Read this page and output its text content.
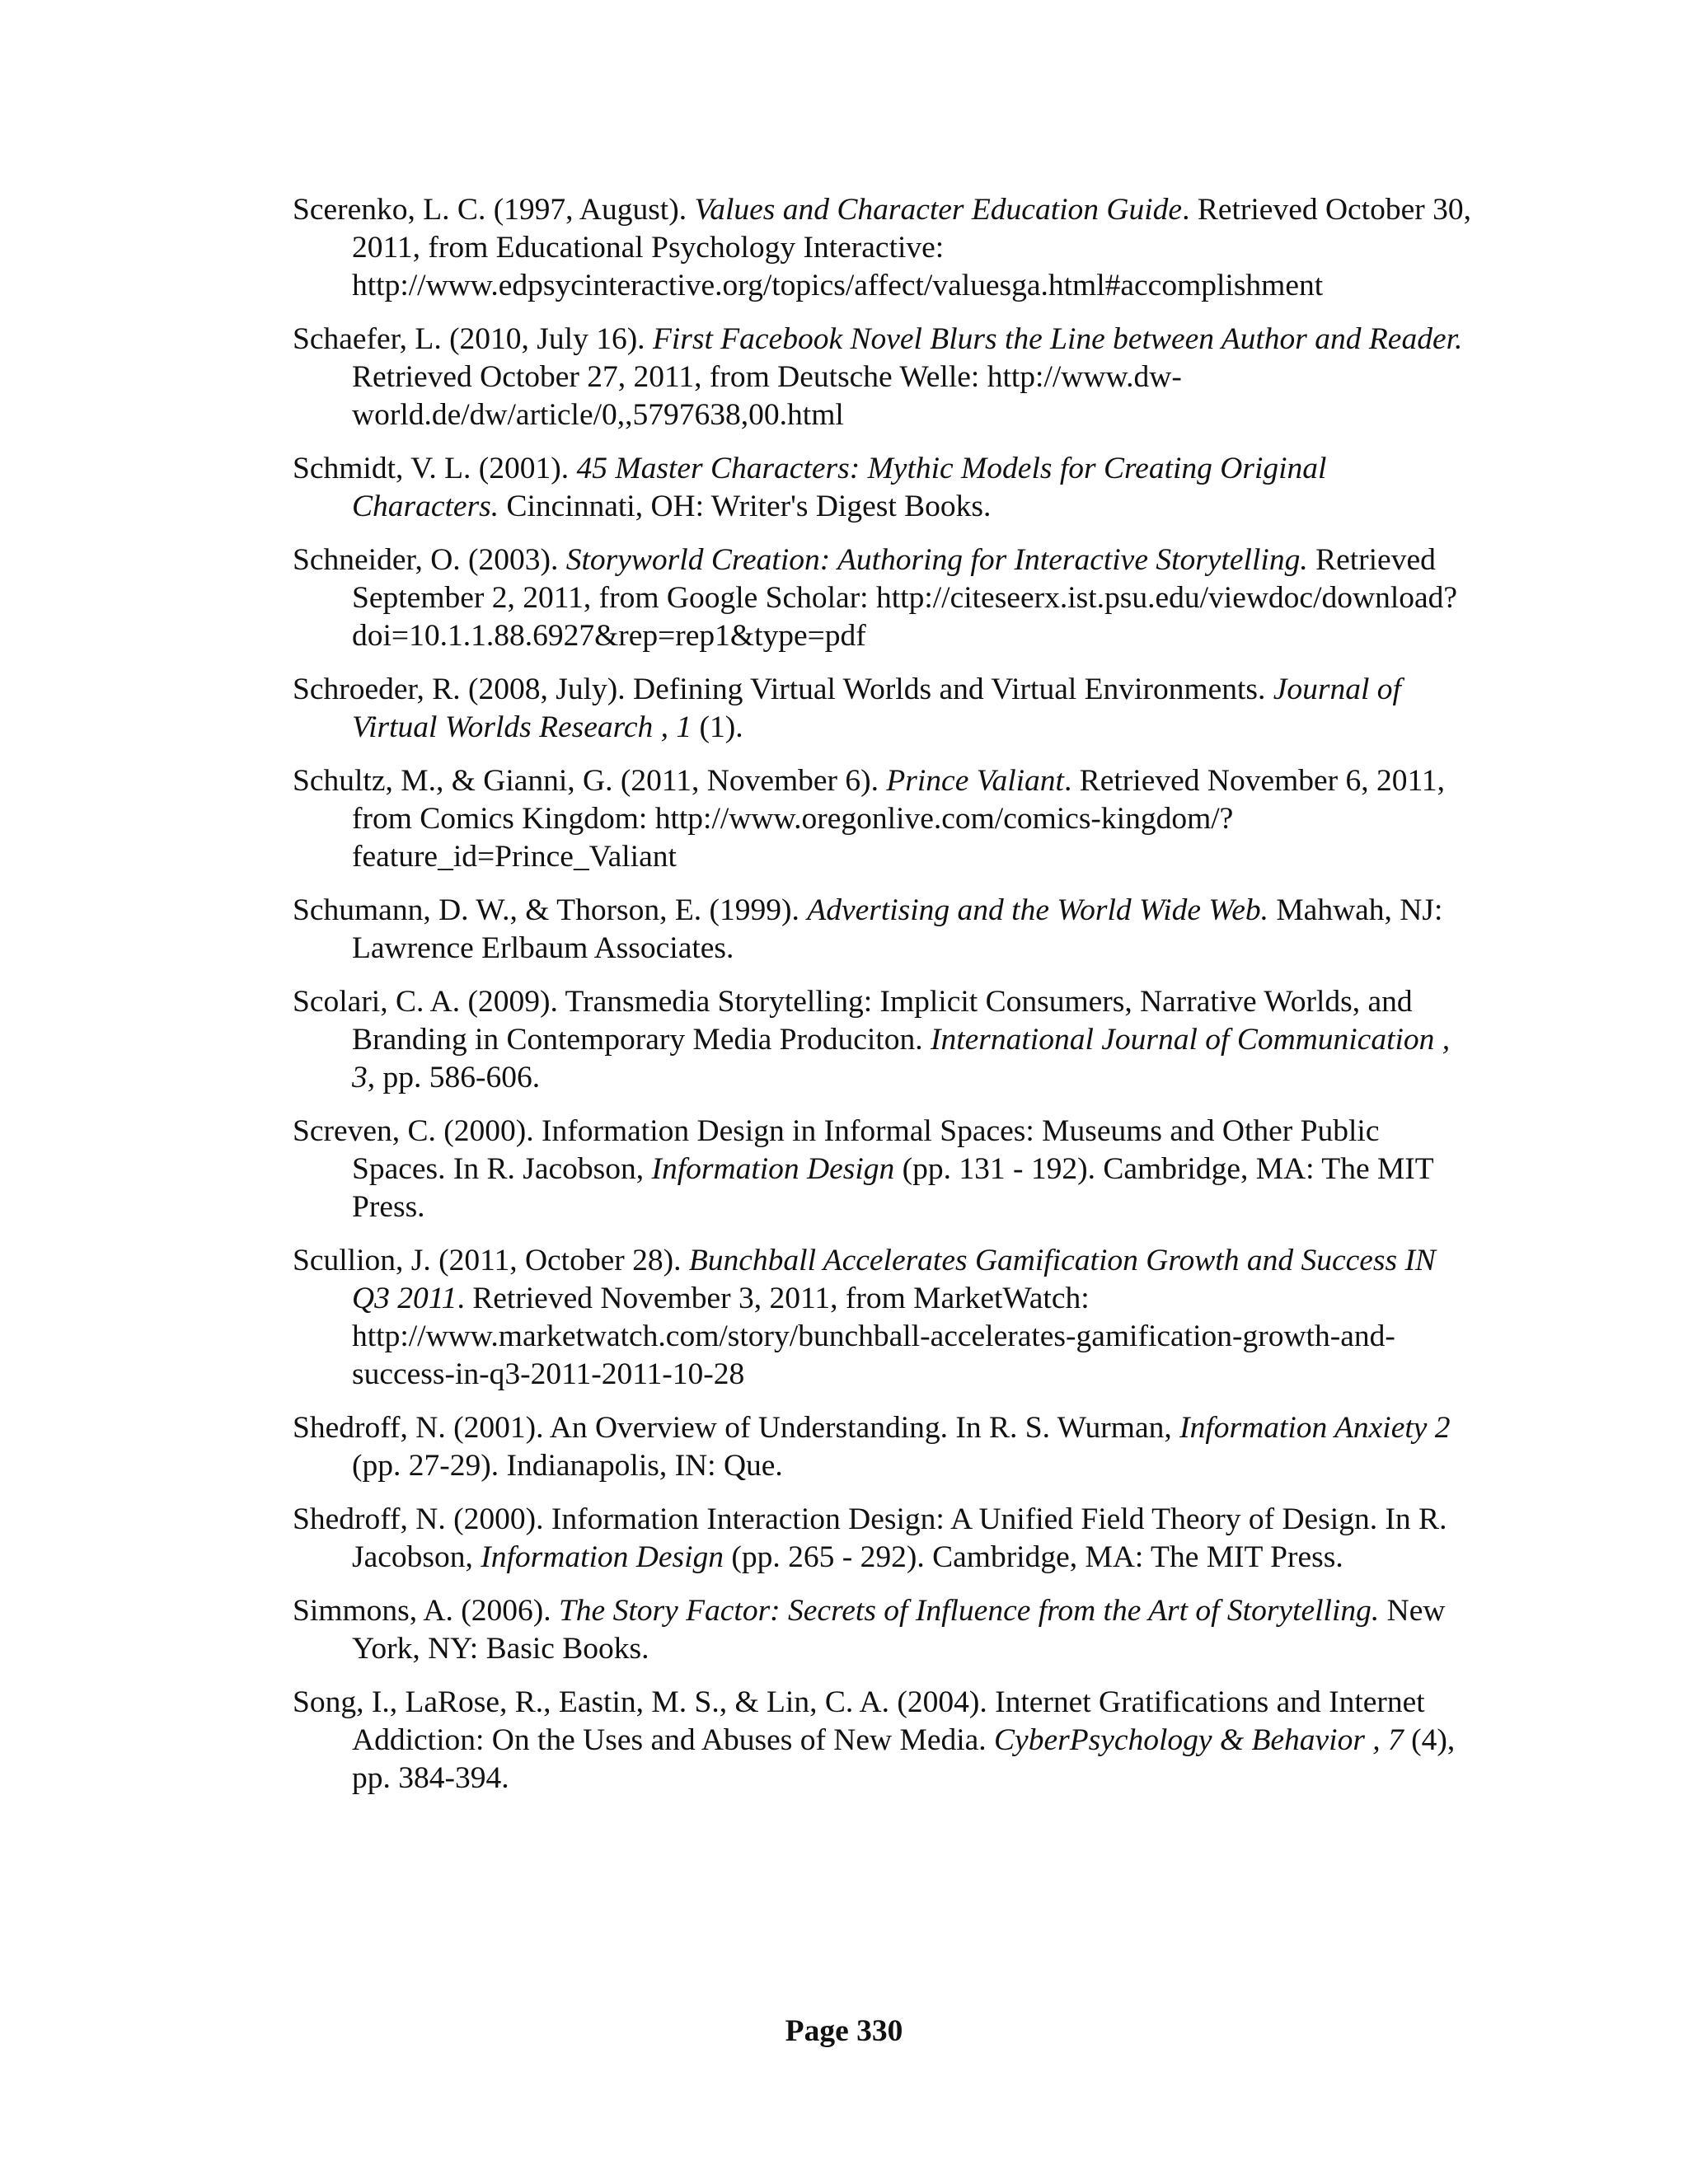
Scerenko, L. C. (1997, August). Values and Character Education Guide. Retrieved October 30, 2011, from Educational Psychology Interactive: http://www.edpsycinteractive.org/topics/affect/valuesga.html#accomplishment

Schaefer, L. (2010, July 16). First Facebook Novel Blurs the Line between Author and Reader. Retrieved October 27, 2011, from Deutsche Welle: http://www.dw-world.de/dw/article/0,,5797638,00.html

Schmidt, V. L. (2001). 45 Master Characters: Mythic Models for Creating Original Characters. Cincinnati, OH: Writer's Digest Books.

Schneider, O. (2003). Storyworld Creation: Authoring for Interactive Storytelling. Retrieved September 2, 2011, from Google Scholar: http://citeseerx.ist.psu.edu/viewdoc/download?doi=10.1.1.88.6927&rep=rep1&type=pdf

Schroeder, R. (2008, July). Defining Virtual Worlds and Virtual Environments. Journal of Virtual Worlds Research , 1 (1).

Schultz, M., & Gianni, G. (2011, November 6). Prince Valiant. Retrieved November 6, 2011, from Comics Kingdom: http://www.oregonlive.com/comics-kingdom/?feature_id=Prince_Valiant

Schumann, D. W., & Thorson, E. (1999). Advertising and the World Wide Web. Mahwah, NJ: Lawrence Erlbaum Associates.

Scolari, C. A. (2009). Transmedia Storytelling: Implicit Consumers, Narrative Worlds, and Branding in Contemporary Media Produciton. International Journal of Communication , 3, pp. 586-606.

Screven, C. (2000). Information Design in Informal Spaces: Museums and Other Public Spaces. In R. Jacobson, Information Design (pp. 131 - 192). Cambridge, MA: The MIT Press.

Scullion, J. (2011, October 28). Bunchball Accelerates Gamification Growth and Success IN Q3 2011. Retrieved November 3, 2011, from MarketWatch: http://www.marketwatch.com/story/bunchball-accelerates-gamification-growth-and-success-in-q3-2011-2011-10-28

Shedroff, N. (2001). An Overview of Understanding. In R. S. Wurman, Information Anxiety 2 (pp. 27-29). Indianapolis, IN: Que.

Shedroff, N. (2000). Information Interaction Design: A Unified Field Theory of Design. In R. Jacobson, Information Design (pp. 265 - 292). Cambridge, MA: The MIT Press.

Simmons, A. (2006). The Story Factor: Secrets of Influence from the Art of Storytelling. New York, NY: Basic Books.

Song, I., LaRose, R., Eastin, M. S., & Lin, C. A. (2004). Internet Gratifications and Internet Addiction: On the Uses and Abuses of New Media. CyberPsychology & Behavior , 7 (4), pp. 384-394.

Page 330
